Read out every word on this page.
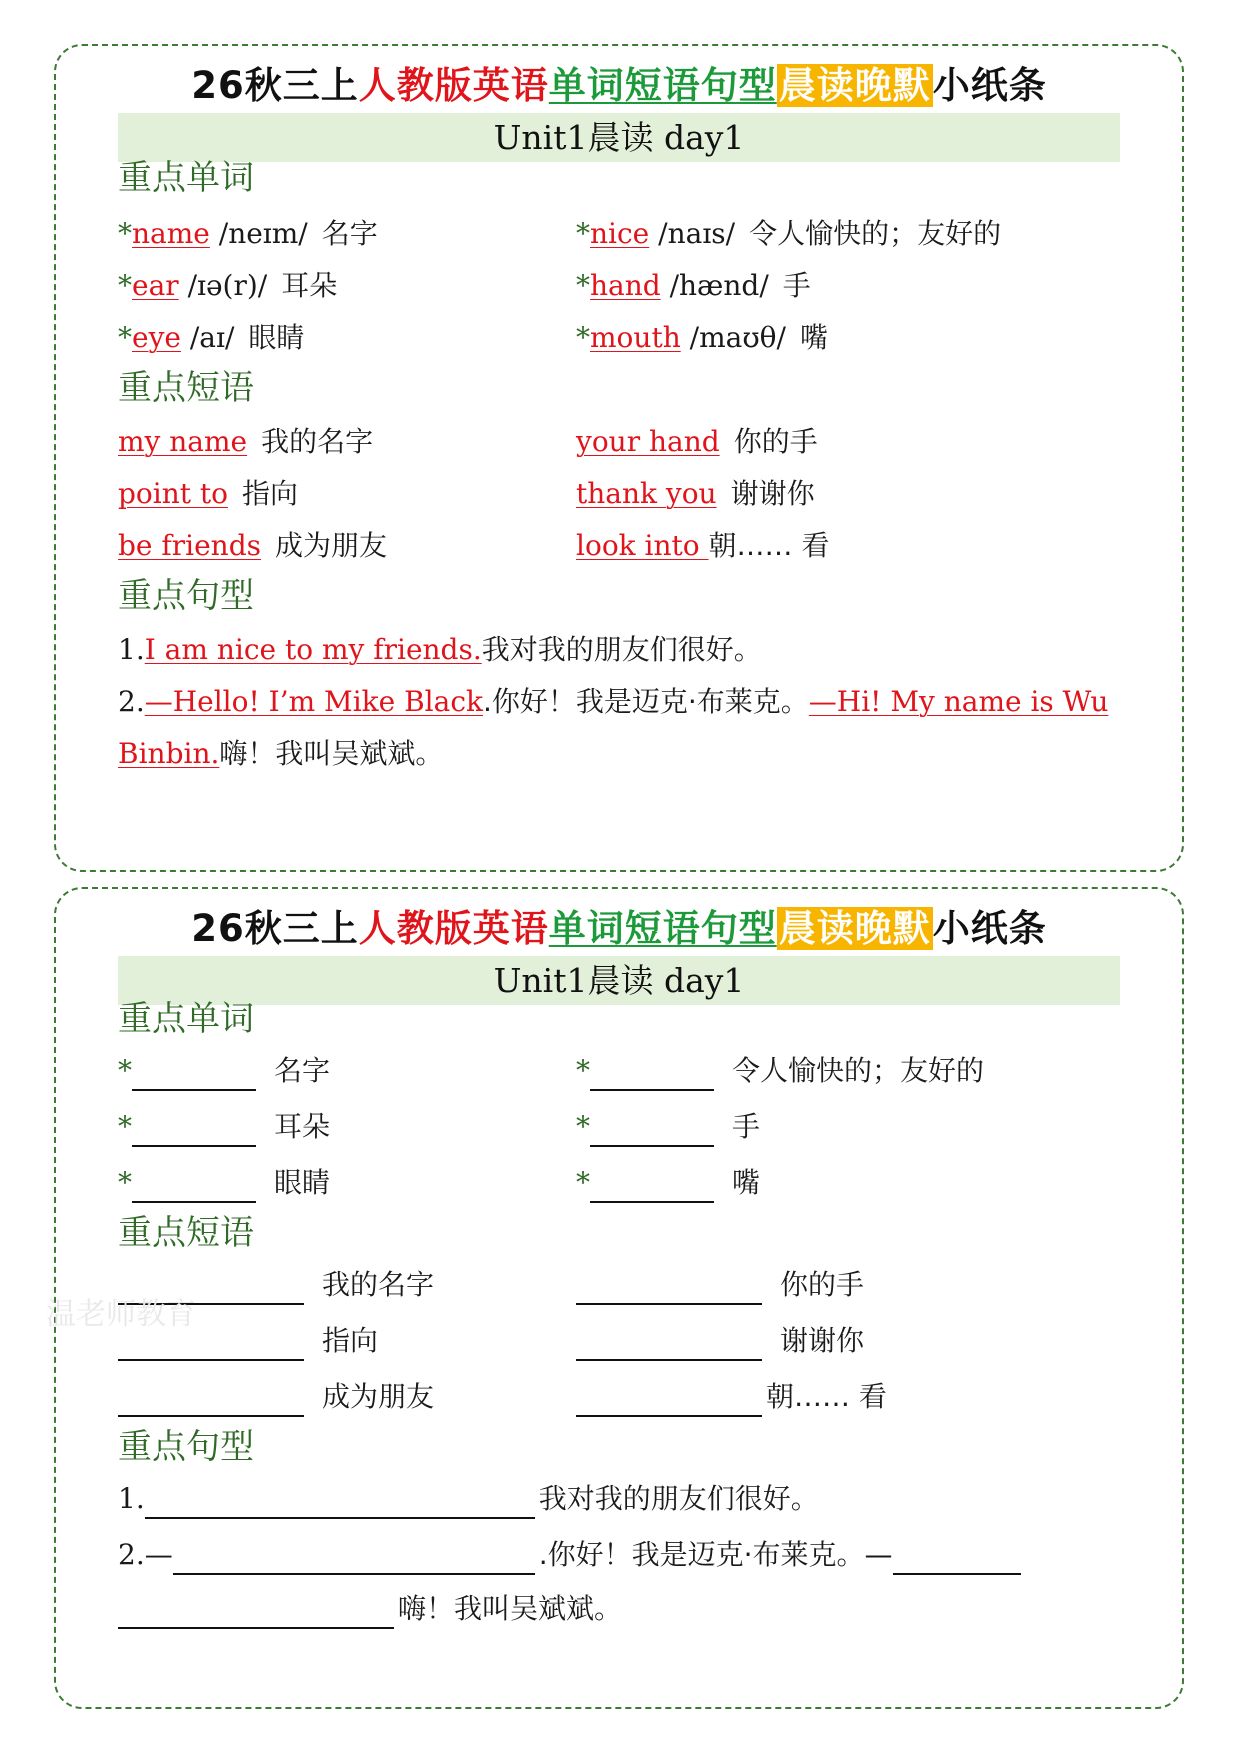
26秋三上人教版英语单词短语句型晨读晚默小纸条
Unit1晨读 day1
重点单词
*name /neɪm/ 名字	*nice /naɪs/ 令人愉快的；友好的
*ear /ɪə(r)/ 耳朵	*hand /hænd/ 手
*eye /aɪ/ 眼睛	*mouth /maʊθ/ 嘴
重点短语
my name 我的名字	your hand 你的手
point to 指向	thank you 谢谢你
be friends 成为朋友	look into 朝…… 看
重点句型
1.I am nice to my friends.我对我的朋友们很好。
2.—Hello! I’m Mike Black.你好！我是迈克·布莱克。—Hi! My name is Wu
Binbin.嗨！我叫吴斌斌。
26秋三上人教版英语单词短语句型晨读晚默小纸条
Unit1晨读 day1
重点单词
*	名字	*	令人愉快的；友好的
*	耳朵	*	手
*	眼睛	*	嘴
重点短语
我的名字	你的手
指向	谢谢你
成为朋友	朝…… 看
温老师教育
重点句型
1.	我对我的朋友们很好。
2.—	.你好！我是迈克·布莱克。—
嗨！我叫吴斌斌。
